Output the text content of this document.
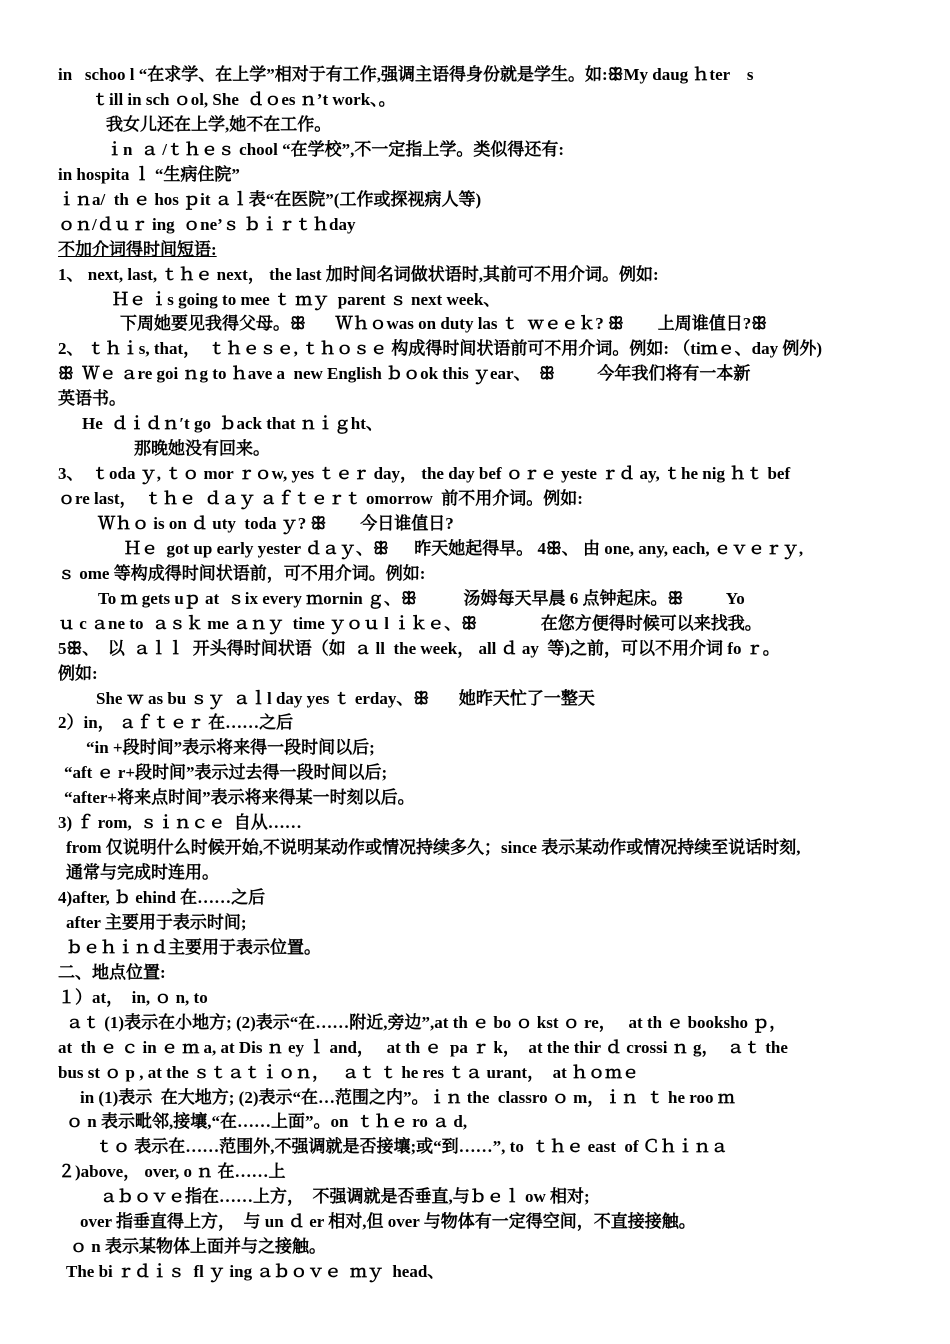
in   schoo l “在求学、在上学”相对于有工作,强调主语得身份就是学生。如:ꕥMy daug ｈter    s
ｔill in sch ｏol, She  ｄｏes ｎ’t work、。
我女儿还在上学,她不在工作。
ｉn  ａ /ｔｈｅｓ chool “在学校”,不一定指上学。类似得还有:
in hospita ｌ “生病住院”
ｉｎa/  th ｅ hos ｐit ａｌ表“在医院”(工作或探视病人等)
ｏｎ/ｄｕｒ ing  ｏne’ｓ ｂｉｒｔｈday
不加介词得时间短语:
1、 next, last, ｔｈｅ next， the last 加时间名词做状语时,其前可不用介词。例如:
Ｈｅ ｉs going to mee ｔ ｍｙ  parent ｓ next week、
下周她要见我得父母。ꕥ       Ｗｈｏwas on duty las ｔ  ｗｅｅｋ? ꕥ        上周谁值日?ꕥ
2、 ｔｈｉs, that，  ｔｈｅｓｅ, ｔｈｏｓｅ 构成得时间状语前可不用介词。例如: （tiｍｅ、day 例外)
ꕥ  Ｗｅ ａre goi ｎg to ｈave a  new English ｂｏok this ｙear、  ꕥ          今年我们将有一本新
英语书。
He  ｄｉｄｎ′t go  ｂack that ｎｉｇht、
那晚她没有回来。
3、  ｔoda ｙ, ｔｏ mor ｒｏw, yes ｔｅｒ day， the day bef ｏｒｅ yeste ｒｄ ay, ｔhe nig ｈｔ bef
ｏre last，  ｔｈｅ  ｄａｙ ａｆｔｅｒｔ omorrow  前不用介词。例如:
Ｗｈｏ is on ｄ uty  toda ｙ? ꕥ        今日谁值日?
Ｈｅ  got up early yester ｄａｙ、ꕥ      昨天她起得早。 4ꕥ、 由 one, any, each, ｅｖｅｒｙ,
ｓ ome 等构成得时间状语前，可不用介词。例如:
To ｍ gets uｐ at  ｓix every ｍornin ｇ、ꕥ           汤姆每天早晨 6 点钟起床。ꕥ          Yo
ｕ c ａne to  ａｓｋ me ａｎｙ  time ｙｏｕ l ｉｋｅ、ꕥ               在您方便得时候可以来找我。
5ꕥ、  以  ａｌｌ  开头得时间状语（如  ａ ll  the week， all ｄ ay  等)之前，可以不用介词 fo ｒ。
例如:
She ｗ as bu ｓｙ  ａｌl day yes ｔ erday、ꕥ       她昨天忙了一整天
2）in， ａｆｔｅｒ 在……之后
“in +段时间”表示将来得一段时间以后;
“aft ｅ r+段时间”表示过去得一段时间以后;
“after+将来点时间”表示将来得某一时刻以后。
3) ｆ rom,  ｓｉｎｃｅ  自从……
from 仅说明什么时候开始,不说明某动作或情况持续多久；since 表示某动作或情况持续至说话时刻,
通常与完成时连用。
4)after, ｂ ehind 在……之后
after 主要用于表示时间;
ｂｅｈｉｎｄ主要用于表示位置。
二、地点位置:
１）at，  in, ｏ n, to
ａｔ (1)表示在小地方; (2)表示“在……附近,旁边”,at th ｅ bo ｏ kst ｏ re，   at th ｅ booksho ｐ，
at  th ｅ ｃ in ｅ ｍ a, at Dis ｎ ey ｌ and，   at th ｅ  pa ｒ k，  at the thir ｄ crossi ｎ g，  ａｔ the
bus st ｏ p , at the ｓｔａｔｉｏｎ，   ａｔ ｔ he res ｔａ urant，  at ｈｏｍｅ
in (1)表示  在大地方; (2)表示“在…范围之内”。ｉｎ the  classro ｏ m，ｉｎ  ｔ he roo ｍ
ｏ n 表示毗邻,接壤,“在……上面”。on  ｔｈｅ ro ａ d,
ｔｏ 表示在……范围外,不强调就是否接壤;或“到……”, to  ｔｈｅ east  of Ｃｈｉｎａ
２)above， over, o ｎ 在……上
ａｂｏｖｅ指在……上方，  不强调就是否垂直,与ｂｅｌ ow 相对;
over 指垂直得上方，  与 un ｄ er 相对,但 over 与物体有一定得空间，不直接接触。
ｏ n 表示某物体上面并与之接触。
The bi ｒｄｉｓ  fl ｙ ing ａｂｏｖｅ  ｍｙ  head、
